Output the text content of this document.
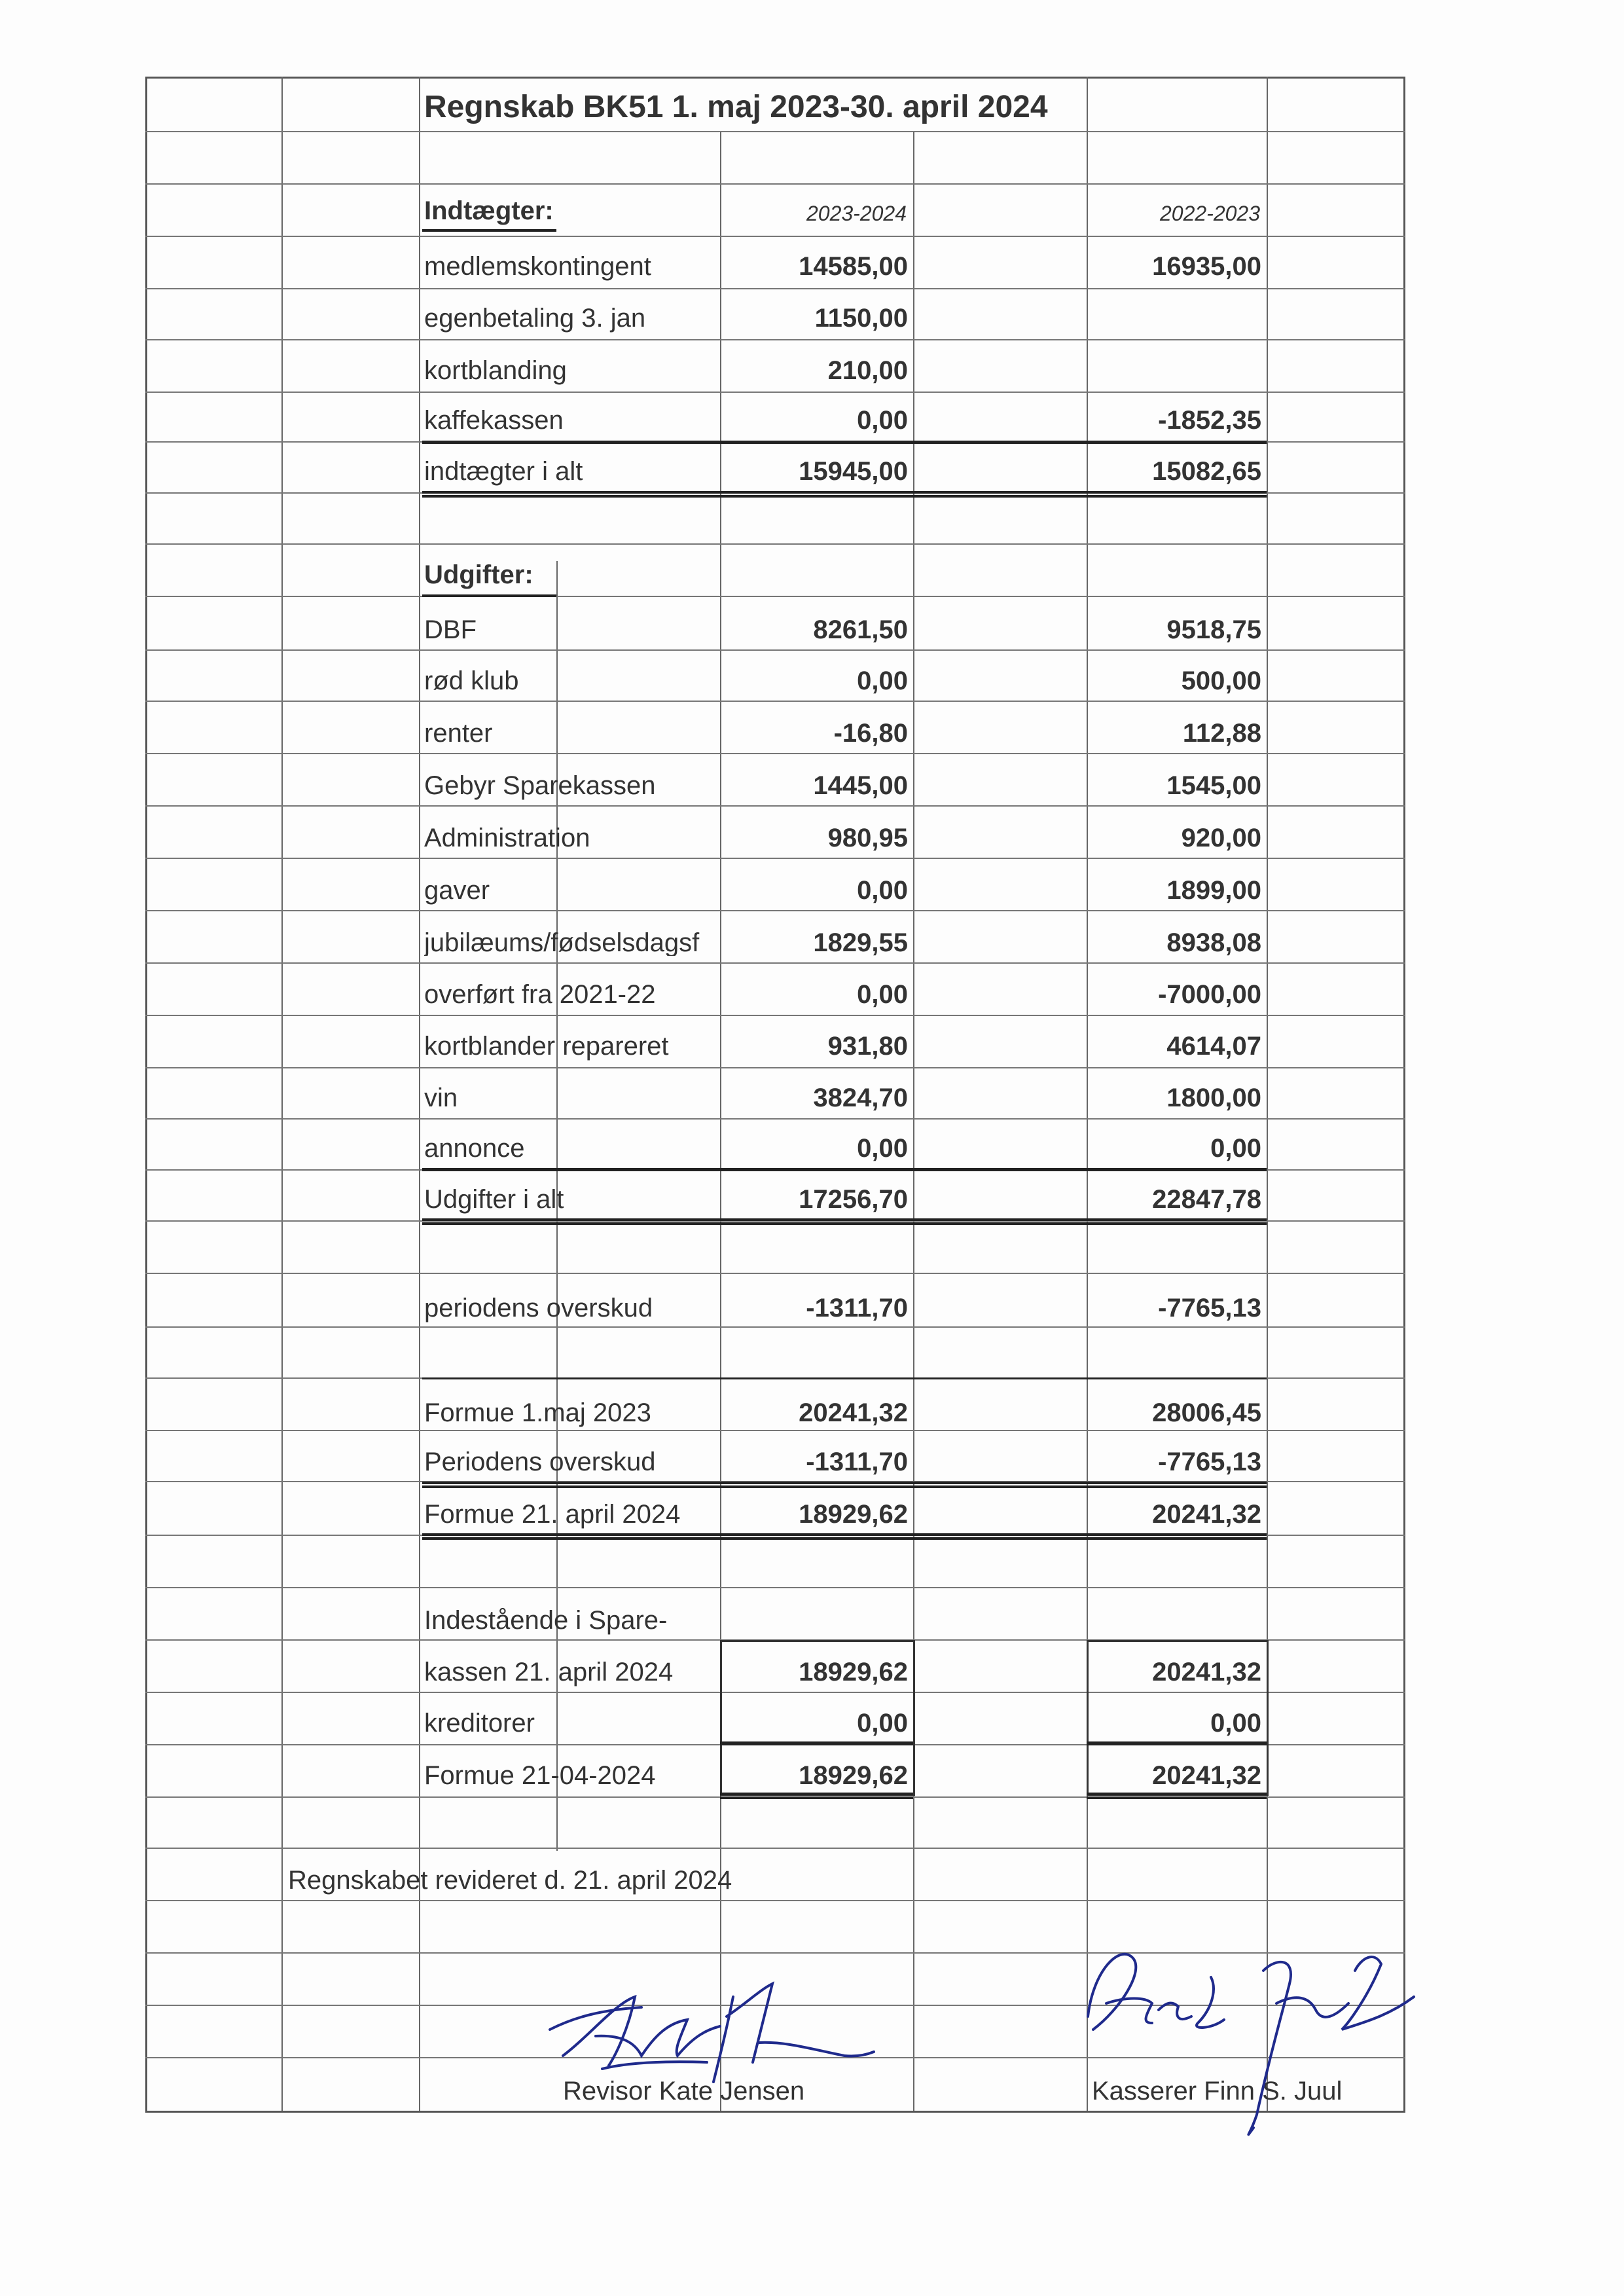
Regnskab BK51 1. maj 2023-30. april 2024
Indtægter:	2023-2024	2022-2023
medlemskontingent	14585,00	16935,00
egenbetaling 3. jan	1150,00
kortblanding	210,00
kaffekassen	0,00	-1852,35
indtægter i alt	15945,00	15082,65
Udgifter:
DBF	8261,50	9518,75
rød klub	0,00	500,00
renter	-16,80	112,88
Gebyr Sparekassen	1445,00	1545,00
Administration	980,95	920,00
gaver	0,00	1899,00
jubilæums/fødselsdagsf	1829,55	8938,08
overført fra 2021-22	0,00	-7000,00
kortblander repareret	931,80	4614,07
vin	3824,70	1800,00
annonce	0,00	0,00
Udgifter i alt	17256,70	22847,78
periodens overskud	-1311,70	-7765,13
Formue 1.maj 2023	20241,32	28006,45
Periodens overskud	-1311,70	-7765,13
Formue 21. april 2024	18929,62	20241,32
Indestående i Spare-
kassen 21. april 2024	18929,62	20241,32
kreditorer	0,00	0,00
Formue 21-04-2024	18929,62	20241,32
Regnskabet revideret d. 21. april 2024
Revisor Kate Jensen	Kasserer Finn S. Juul
